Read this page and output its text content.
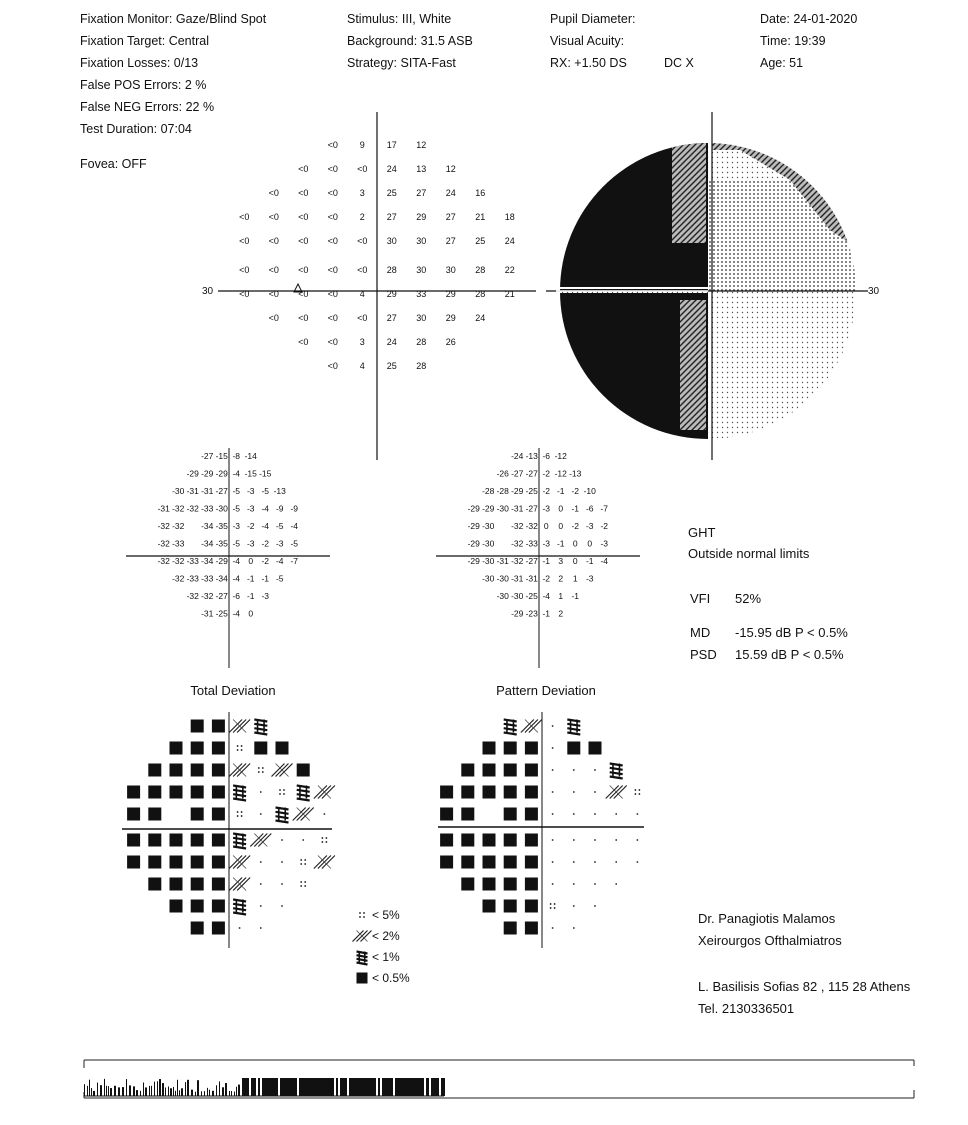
Fixation Monitor: Gaze/Blind Spot
Fixation Target: Central
Fixation Losses: 0/13
False POS Errors: 2 %
False NEG Errors: 22 %
Test Duration: 07:04
Fovea: OFF
Stimulus: III, White
Background: 31.5 ASB
Strategy: SITA-Fast
Pupil Diameter:
Visual Acuity:
RX: +1.50 DS	DC X
Date: 24-01-2020
Time: 19:39
Age: 51
30	30
<0 9 17 12
<0 <0 <0 24 13 12
<0 <0 <0 3 25 27 24 16
<0 <0 <0 <0 2 27 29 27 21 18
<0 <0 <0 <0 <0 30 30 27 25 24
<0 <0 <0 <0 <0 28 30 30 28 22
<0 <0 <0 <0 4 29 33 29 28 21
<0 <0 <0 <0 27 30 29 24
<0 <0 3 24 28 26
<0 4 25 28
-27 -15 -8 -14
-29 -29 -29 -4 -15 -15
-30 -31 -31 -27 -5 -3 -5 -13
-31 -32 -32 -33 -30 -5 -3 -4 -9 -9
-32 -32 -34 -35 -3 -2 -4 -5 -4
-32 -33 -34 -35 -5 -3 -2 -3 -5
-32 -32 -33 -34 -29 -4 0 -2 -4 -7
-32 -33 -33 -34 -4 -1 -1 -5
-32 -32 -27 -6 -1 -3
-31 -25 -4 0
-24 -13 -6 -12
-26 -27 -27 -2 -12 -13
-28 -28 -29 -25 -2 -1 -2 -10
-29 -29 -30 -31 -27 -3 0 -1 -6 -7
-29 -30 -32 -32 0 0 -2 -3 -2
-29 -30 -32 -33 -3 -1 0 0 -3
-29 -30 -31 -32 -27 -1 3 0 -1 -4
-30 -30 -31 -31 -2 2 1 -3
-30 -30 -25 -4 1 -1
-29 -23 -1 2
Total Deviation	Pattern Deviation
< 5%
< 2%
< 1%
< 0.5%
GHT
Outside normal limits
VFI 52%
MD -15.95 dB P < 0.5%
PSD 15.59 dB P < 0.5%
Dr. Panagiotis Malamos
Xeirourgos Ofthalmiatros
L. Basilisis Sofias 82 , 115 28 Athens
Tel. 2130336501
